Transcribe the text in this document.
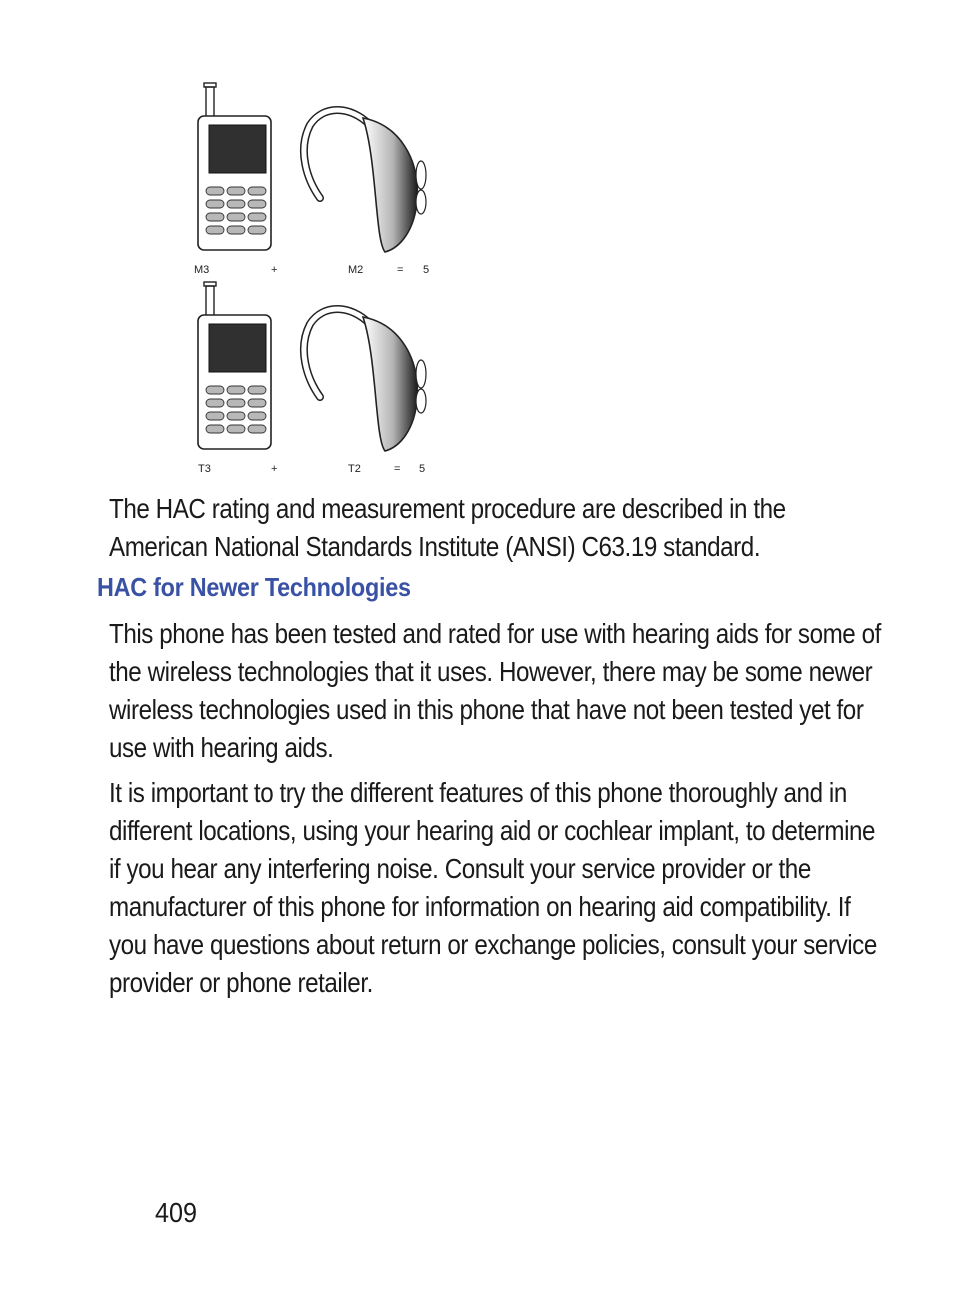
M3	+	M2	= 5
T3	+	T2	= 5

The HAC rating and measurement procedure are described in the American National Standards Institute (ANSI) C63.19 standard.

HAC for Newer Technologies

This phone has been tested and rated for use with hearing aids for some of the wireless technologies that it uses. However, there may be some newer wireless technologies used in this phone that have not been tested yet for use with hearing aids.

It is important to try the different features of this phone thoroughly and in different locations, using your hearing aid or cochlear implant, to determine if you hear any interfering noise. Consult your service provider or the manufacturer of this phone for information on hearing aid compatibility. If you have questions about return or exchange policies, consult your service provider or phone retailer.

409
